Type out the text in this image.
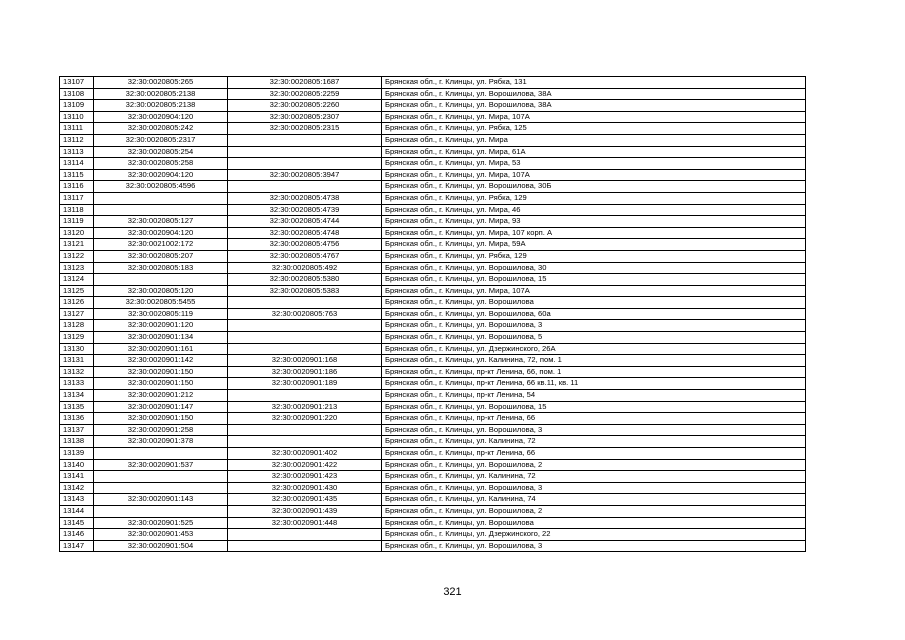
13107	32:30:0020805:265	32:30:0020805:1687	Брянская обл., г. Клинцы, ул. Рябка, 131
13108	32:30:0020805:2138	32:30:0020805:2259	Брянская обл., г. Клинцы, ул. Ворошилова, 38А
13109	32:30:0020805:2138	32:30:0020805:2260	Брянская обл., г. Клинцы, ул. Ворошилова, 38А
13110	32:30:0020904:120	32:30:0020805:2307	Брянская обл., г. Клинцы, ул. Мира, 107А
13111	32:30:0020805:242	32:30:0020805:2315	Брянская обл., г. Клинцы, ул. Рябка, 125
13112	32:30:0020805:2317		Брянская обл., г. Клинцы, ул. Мира
13113	32:30:0020805:254		Брянская обл., г. Клинцы, ул. Мира, 61А
13114	32:30:0020805:258		Брянская обл., г. Клинцы, ул. Мира, 53
13115	32:30:0020904:120	32:30:0020805:3947	Брянская обл., г. Клинцы, ул. Мира, 107А
13116	32:30:0020805:4596		Брянская обл., г. Клинцы, ул. Ворошилова, 30Б
13117		32:30:0020805:4738	Брянская обл., г. Клинцы, ул. Рябка, 129
13118		32:30:0020805:4739	Брянская обл., г. Клинцы, ул. Мира, 46
13119	32:30:0020805:127	32:30:0020805:4744	Брянская обл., г. Клинцы, ул. Мира, 93
13120	32:30:0020904:120	32:30:0020805:4748	Брянская обл., г. Клинцы, ул. Мира, 107 корп. А
13121	32:30:0021002:172	32:30:0020805:4756	Брянская обл., г. Клинцы, ул. Мира, 59А
13122	32:30:0020805:207	32:30:0020805:4767	Брянская обл., г. Клинцы, ул. Рябка, 129
13123	32:30:0020805:183	32:30:0020805:492	Брянская обл., г. Клинцы, ул. Ворошилова, 30
13124		32:30:0020805:5380	Брянская обл., г. Клинцы, ул. Ворошилова, 15
13125	32:30:0020805:120	32:30:0020805:5383	Брянская обл., г. Клинцы, ул. Мира, 107А
13126	32:30:0020805:5455		Брянская обл., г. Клинцы, ул. Ворошилова
13127	32:30:0020805:119	32:30:0020805:763	Брянская обл., г. Клинцы, ул. Ворошилова, 60а
13128	32:30:0020901:120		Брянская обл., г. Клинцы, ул. Ворошилова, 3
13129	32:30:0020901:134		Брянская обл., г. Клинцы, ул. Ворошилова, 5
13130	32:30:0020901:161		Брянская обл., г. Клинцы, ул. Дзержинского, 26А
13131	32:30:0020901:142	32:30:0020901:168	Брянская обл., г. Клинцы, ул. Калинина, 72, пом. 1
13132	32:30:0020901:150	32:30:0020901:186	Брянская обл., г. Клинцы, пр-кт Ленина, 66, пом. 1
13133	32:30:0020901:150	32:30:0020901:189	Брянская обл., г. Клинцы, пр-кт Ленина, 66 кв.11, кв. 11
13134	32:30:0020901:212		Брянская обл., г. Клинцы, пр-кт Ленина, 54
13135	32:30:0020901:147	32:30:0020901:213	Брянская обл., г. Клинцы, ул. Ворошилова, 15
13136	32:30:0020901:150	32:30:0020901:220	Брянская обл., г. Клинцы, пр-кт Ленина, 66
13137	32:30:0020901:258		Брянская обл., г. Клинцы, ул. Ворошилова, 3
13138	32:30:0020901:378		Брянская обл., г. Клинцы, ул. Калинина, 72
13139		32:30:0020901:402	Брянская обл., г. Клинцы, пр-кт Ленина, 66
13140	32:30:0020901:537	32:30:0020901:422	Брянская обл., г. Клинцы, ул. Ворошилова, 2
13141		32:30:0020901:423	Брянская обл., г. Клинцы, ул. Калинина, 72
13142		32:30:0020901:430	Брянская обл., г. Клинцы, ул. Ворошилова, 3
13143	32:30:0020901:143	32:30:0020901:435	Брянская обл., г. Клинцы, ул. Калинина, 74
13144		32:30:0020901:439	Брянская обл., г. Клинцы, ул. Ворошилова, 2
13145	32:30:0020901:525	32:30:0020901:448	Брянская обл., г. Клинцы, ул. Ворошилова
13146	32:30:0020901:453		Брянская обл., г. Клинцы, ул. Дзержинского, 22
13147	32:30:0020901:504		Брянская обл., г. Клинцы, ул. Ворошилова, 3
321
